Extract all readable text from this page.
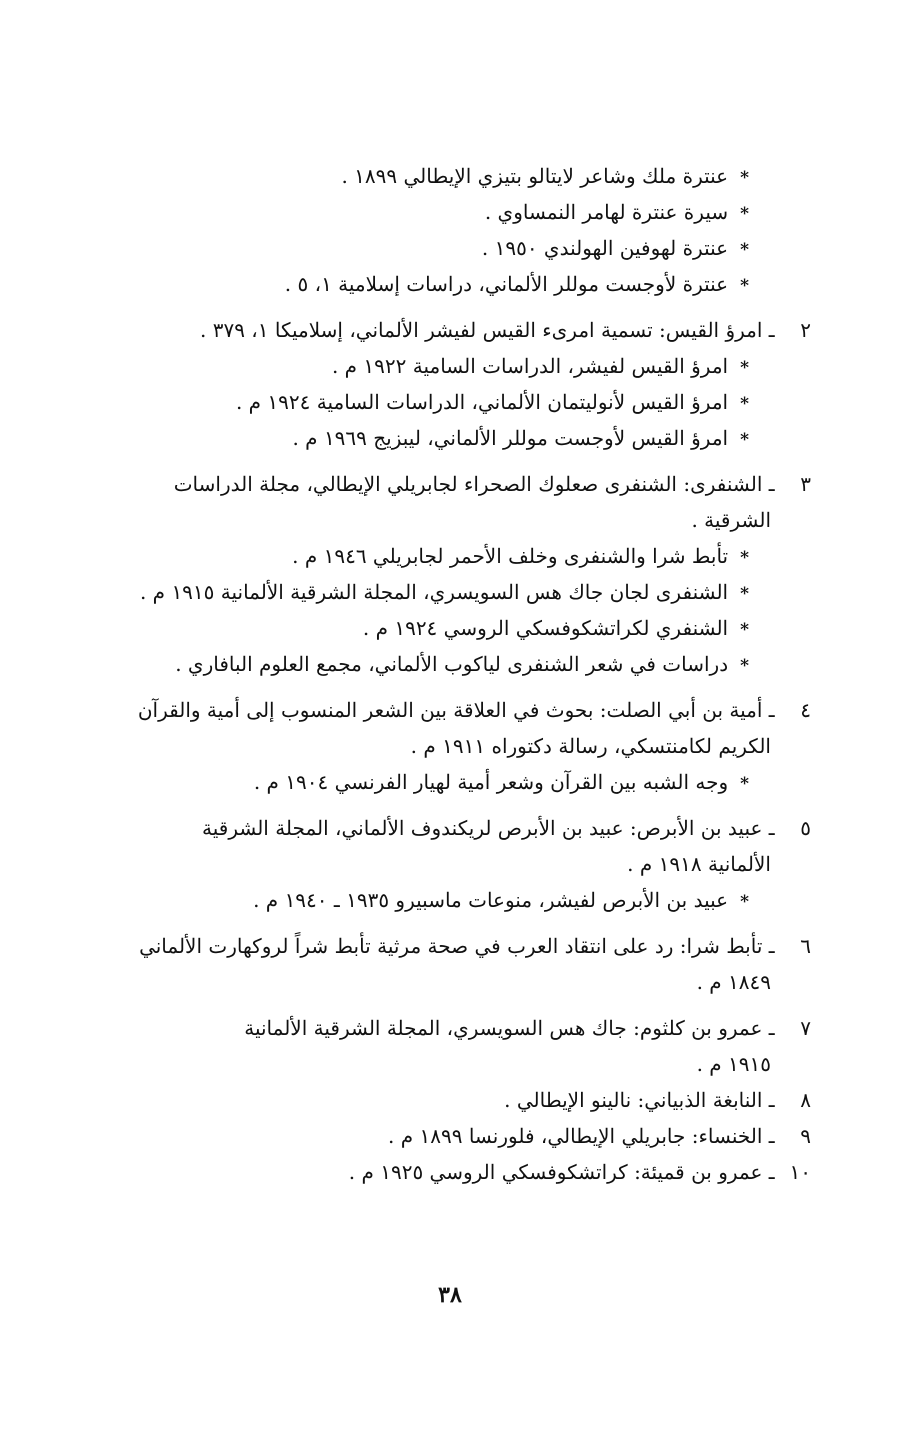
*عنترة ملك وشاعر لايتالو بتيزي الإيطالي ١٨٩٩ .
*سيرة عنترة لهامر النمساوي .
*عنترة لهوفين الهولندي ١٩٥٠ .
*عنترة لأوجست موللر الألماني، دراسات إسلامية ١، ٥ .
٢ ـ امرؤ القيس: تسمية امرىء القيس لفيشر الألماني، إسلاميكا ١، ٣٧٩ .
*امرؤ القيس لفيشر، الدراسات السامية ١٩٢٢ م .
*امرؤ القيس لأنوليتمان الألماني، الدراسات السامية ١٩٢٤ م .
*امرؤ القيس لأوجست موللر الألماني، ليبزيج ١٩٦٩ م .
٣ ـ الشنفرى: الشنفرى صعلوك الصحراء لجابريلي الإيطالي، مجلة الدراسات
الشرقية .
*تأبط شرا والشنفرى وخلف الأحمر لجابريلي ١٩٤٦ م .
*الشنفرى لجان جاك هس السويسري، المجلة الشرقية الألمانية ١٩١٥ م .
*الشنفري لكراتشكوفسكي الروسي ١٩٢٤ م .
*دراسات في شعر الشنفرى لياكوب الألماني، مجمع العلوم البافاري .
٤ ـ أمية بن أبي الصلت: بحوث في العلاقة بين الشعر المنسوب إلى أمية والقرآن
الكريم لكامنتسكي، رسالة دكتوراه ١٩١١ م .
*وجه الشبه بين القرآن وشعر أمية لهيار الفرنسي ١٩٠٤ م .
٥ ـ عبيد بن الأبرص: عبيد بن الأبرص لريكندوف الألماني، المجلة الشرقية
الألمانية ١٩١٨ م .
*عبيد بن الأبرص لفيشر، منوعات ماسبيرو ١٩٣٥ ـ ١٩٤٠ م .
٦ ـ تأبط شرا: رد على انتقاد العرب في صحة مرثية تأبط شراً لروكهارت الألماني
١٨٤٩ م .
٧ ـ عمرو بن كلثوم: جاك هس السويسري، المجلة الشرقية الألمانية
١٩١٥ م .
٨ ـ النابغة الذبياني: نالينو الإيطالي .
٩ ـ الخنساء: جابريلي الإيطالي، فلورنسا ١٨٩٩ م .
١٠ ـ عمرو بن قميئة: كراتشكوفسكي الروسي ١٩٢٥ م .
٣٨
